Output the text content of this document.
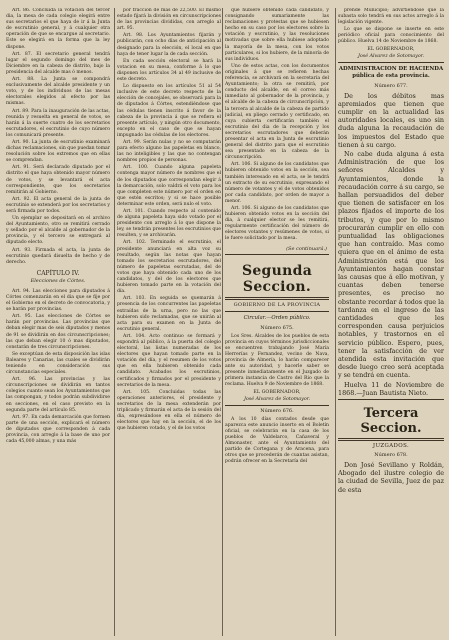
Art. 86. Concluida la votacion del tercer dia, la mesa de cada colegio elegirá entre sus secretarios el que haya de ir á la Junta de escrutinio general, y á cualquier otra operación de que se encargue al secretario. Este se elegirá en la forma que la ley dispone.

Art. 87. El secretario general tendrá lugar el segundo domingo del mes de Diciembre en la cabeza de distrito, bajo la presidencia del alcalde mas ó menos.

Art. 88. La Junta se compondrá exclusivamente del alcalde presidente y un voto, y de los individuos de las mesas electorales elegidos al efecto por las mismas.

Art. 89. Para la inauguración de las actas, reunida y resuelta en general de votos, se harán á la suerte cuatro de los secretarios escrutadores, el escrutinio de cuyo número los comunicará presente.

Art. 90. La junta de escrutinio examinará dichas reclamaciones, sin que puedan tomar resolución sobre los extremos que en ellas se comprendan.

Art. 91. Será declarado diputado por el distrito el que haya obtenido mayor número de votos, y se levantará el acta correspondiente, que los secretarios remitirán al Gobierno.

Art. 92. El acta general de la junta de escrutinio se extenderá por los secretarios y será firmada por todos.

Un ejemplar se depositará en el archivo del Ayuntamiento, otro se remitirá cerrado y sellado por el alcalde al gobernador de la provincia, y el tercero se entregará al diputado electo.

Art. 93. Firmada el acta, la junta de escrutinio quedará disuelta de hecho y de derecho.

CAPÍTULO IV.

Elecciones de Córtes.

Art. 94. Las elecciones para diputados á Córtes comenzarán en el dia que se fije por el Gobierno en el decreto de convocatoria, y se harán por provincias.

Art. 95. Las elecciones de Córtes se harán por provincias. Las provincias que deban elegir mas de seis diputados y menos de 91 se dividirán en dos circunscripciones; las que deban elegir 10 ó mas diputados, constarán de tres circunscripciones.

Se exceptúan de esta disposición las islas Baleares y Canarias, las cuales se dividirán teniendo en consideración sus circunstancias especiales.

Art. 96. Las provincias y las circunscripciones se dividirán en tantos colegios cuanto sean los Ayuntamientos que las compongan, y todos podrán subdividirse en secciones, en el caso previsto en la segunda parte del artículo 85.

Art. 97. En cada demarcación que formen parte de una sección, explicará el número de diputados que corresponden á cada provincia, con arreglo á la base de uno por cada 45,000 almas, y una más

por fracción de mas de 22,500. El mismo estado fijará la división en circunscripciones de las provincias divididas, con arreglo al art. 95.

Art. 98. Los Ayuntamientos fijarán y publicarán, con ocho días de anticipación al designado para la elección, el local en que haya de tener lugar la de cada sección.

En cada sección electoral se hará la votacion en su mesa, conforme á lo que disponen los artículos 34 al 49 inclusive de este decreto.

Lo dispuesto en los artículos 51 al 54 inclusive de este decreto respecto de la elección de concejales, se observará para la de diputados á Córtes, estendiéndose que las cédulas tienen inscrito á favor de la cabeza de la provincia á que se refiera el presente artículo, y ningún otro documento, excepto en el caso de que se hayan impugnado las cédulas de los electores.

Art. 99. Serán nulas y no se computarán para efecto alguno las papeletas en blanco, las no inteligibles y las que no contengan nombres propios de personas.

Art. 100. Cuando alguna papeleta contenga mayor número de nombres que el de los diputados que correspondan elegir á la demarcación, solo valdrá el voto para los que completen este número por el orden en que estén escritos; y si se hace posible determinar este orden, será nulo el voto.

Art. 101. Cuando respecto al contenido de alguna papeleta haya sido votado por el presidente con arreglo á lo que dispone la ley, se tendrán presentes los escrutinios que resulten, y se archivarán.

Art. 102. Terminado el escrutinio, el presidente anunciará en alta voz su resultado, según las notas que hayan tomado los secretarios escrutadores, del número de papeletas escrutadas, del de votos que haya obtenido cada uno de los candidatos, y del de los electores que hubieren tomado parte en la votación del día.

Art. 103. En seguida se quemarán á presencia de los concurrentes las papeletas extraídas de la urna, pero no las que hubieren sido reclamadas, que se unirán al acta para su examen en la Junta de escrutinio general.

Art. 104. Acto continuo se formará y expondrá al público, á la puerta del colegio electoral, las listas numeradas de los electores que hayan tomado parte en la votación del día, y el resumen de los votos que en ella hubieren obtenido cada candidato. Acabados los escrutinios, certificados y firmados por el presidente y secretarios de la mesa.

Art. 105. Concluidas todas las operaciones anteriores, el presidente y secretarios de la mesa extenderán por triplicado y firmarán el acta de la sesión del dia, expresándose en ella el número de electores que hay en la sección, el de los que hubieren votado, y el de los votos

que hubiere obtenido cada candidato, y consignando sumariamente las reclamaciones y protestas que se hubiesen hecho en su caso por los electores sobre la votación y escrutinio, y las resoluciones motivadas que sobre ella hubiese adoptado la mayoría de la mesa, con los votos particulares, si los hubiere, de la minoría de sus individuos.

Uno de estos actas, con los documentos originales á que se refieren hechas referencia, se archivará en la secretaría del Ayuntamiento; la otra se remitirá, por conducto del alcalde, en el correo más inmediato al gobernador de la provincia, y el alcalde de la cabeza de circunscripción, y la tercera al alcalde de la cabeza de partido judicial, en pliego cerrado y certificado, en cuya cubierta certificarán también el escrutinio del dia de la recepción y los secretarios escrutadores que deberán presentar el acta en la Junta de escrutinio general del distrito para que el escrutinio sea presentado en la cabeza de la circunscripción.

Art. 106. Si alguno de los candidatos que hubieren obtenido votos en la sección, sea también interesado en el acta, se le tendrá un extracto de su escrutinio, expresando el número de votantes y el de votos obtenidos por cada candidato, por orden de mayor a menor.

Art. 106. Si alguno de los candidatos que hubieren obtenido votos en la sección del dia, á cualquier elector se les remitirá, regularmente certificación del número de electores votantes y resúmenes de votos, si le fuere solicitado por la mesa.

(Se continuará.)

Segunda Seccion.

GOBIERNO DE LA PROVINCIA

Circular.—Orden público.

Número 675.

Los Sres. Alcaldes de los pueblos de esta provincia en cuyos términos jurisdiccionales se encuentren trabajando José María Herrerías y Fernandez, vecino de Nava, provincia de Almería, lo harán comparecer ante su autoridad, y hacerle saber se presente inmediatamente en el Juzgado de primera instancia de Castro del Rio que la reclama. Huelva 9 de Noviembre de 1868.

EL GOBERNADOR,

José Alvarez de Sotomayor.

Número 676.

A los 10 días contados desde que aparezca este anuncio inserto en el Boletín oficial, se celebrarán en la casa de los pueblos de Valdelarco, Cañaveral y Almonaster, ante el Ayuntamiento del partido de Cortegana y de Aracena, para otros que se procederán de cuantas asistan, podrán ofrecer en la Secretaría del

prende Municipio; advirtiéndose que la subasta solo tendrá en sus actos arreglo á la legislación vigente.

Lo que se dispone se inserte en este periódico oficial para conocimiento del público. Huelva 14 de Noviembre de 1868.

EL GOBERNADOR,

José Alvarez de Sotomayor.

ADMINISTRACION DE HACIENDA pública de esta provincia.

Número 677.

De los débitos mas apremiados que tienen que cumplir en la actualidad las autoridades locales, es uno sin duda alguna la recaudación de los impuestos del Estado que tienen á su cargo.

No cabe duda alguna á esta Administración de que los señores Alcaldes y Ayuntamientos, donde la recaudación corre á su cargo, se hallan persuadidos del deber que tienen de satisfacer en los plazos fijados el importe de los tributos, y que por lo mismo procurarán cumplir en ello con puntualidad las obligaciones que han contraído. Mas como quiera que en el ánimo de esta Administración está que los Ayuntamientos hagan constar las causas que á ello motivan, y cuantas deben tenerse presentes, es preciso no obstante recordar á todos que la tardanza en el ingreso de las cantidades que les corresponden causa perjuicios notables, y trastornos en el servicio público. Espero, pues, tener la satisfacción de ver atendida esta invitación que desde luego creo será aceptada y se tendrá en cuenta.

Huelva 11 de Noviembre de 1868.—Juan Bautista Nieto.

Tercera Seccion.

JUZGADOS.

Número 678.

Don José Sevillano y Roldán, Abogado del ilustre colegio de la ciudad de Sevilla, Juez de paz de esta
